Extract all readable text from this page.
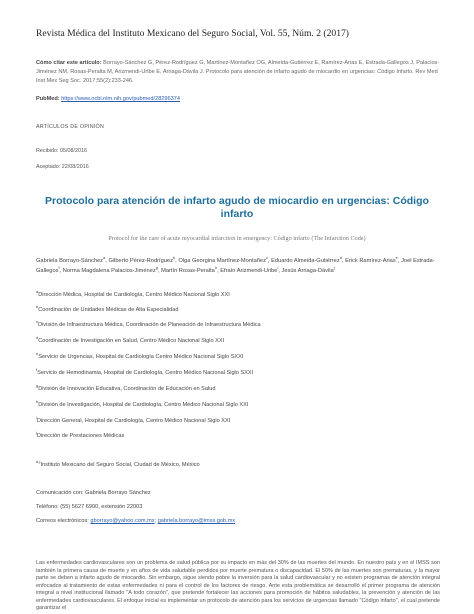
Revista Médica del Instituto Mexicano del Seguro Social, Vol. 55, Núm. 2 (2017)
Cómo citar este artículo: Borrayo-Sánchez G, Pérez-Rodríguez G, Martínez-Montañez OG, Almeida-Gutiérrez E, Ramírez-Arias E, Estrada-Gallegos J, Palacios-Jiménez NM, Rosas-Peralta M, Arizmendi-Uribe E, Arriaga-Dávila J. Protocolo para atención de infarto agudo de miocardio en urgencias: Código Infarto. Rev Med Inst Mex Seg Soc. 2017;55(2):233-246.
PubMed: https://www.ncbi.nlm.nih.gov/pubmed/28296374
ARTÍCULOS DE OPINIÓN
Recibido: 05/08/2016
Aceptado: 22/08/2016
Protocolo para atención de infarto agudo de miocardio en urgencias: Código infarto
Protocol for the care of acute myocardial infarction in emergency: Código infarto (The Infarction Code)
Gabriela Borrayo-Sánchez$^a$, Gilberto Pérez-Rodríguez$^b$, Olga Georgina Martínez-Montañez$^c$, Eduardo Almeida-Gutiérrez$^d$, Erick Ramírez-Arias$^e$, Joel Estrada-Gallegos$^f$, Norma Magdalena Palacios-Jiménez$^g$, Martín Rosas-Peralta$^h$, Efraín Arizmendi-Uribe$^i$, Jesús Arriaga-Dávila$^j$
$^a$Dirección Médica, Hospital de Cardiología, Centro Médico Nacional Siglo XXI
$^b$Coordinación de Unidades Médicas de Alta Especialidad
$^c$División de Infraestructura Médica, Coordinación de Planeación de Infraestructura Médica
$^d$Coordinación de Investigación en Salud, Centro Médico Nacional Siglo XXI
$^e$Servicio de Urgencias, Hospital de Cardiología Centro Médico Nacional Siglo SXXI
$^f$Servicio de Hemodinamia, Hospital de Cardiología, Centro Médico Nacional Siglo SXXI
$^g$División de Innovación Educativa, Coordinación de Educación en Salud
$^h$División de Investigación, Hospital de Cardiología, Centro Médico Nacional Siglo XXI
$^i$Dirección General, Hospital de Cardiología, Centro Médico Nacional Siglo XXI
$^j$Dirección de Prestaciones Médicas
$^{a-j}$Instituto Mexicano del Seguro Social, Ciudad de México, México
Comunicación con: Gabriela Borrayo Sánchez
Teléfono: (55) 5627 6900, extensión 22003
Correos electrónicos: gborrayo@yahoo.com.mx; gabriela.borrayo@imss.gob.mx
Las enfermedades cardiovasculares son un problema de salud pública por su impacto en más del 30% de las muertes del mundo. En nuestro país y en el IMSS son también la primera causa de muerte y en años de vida saludable perdidos por muerte prematura o discapacidad. El 50% de las muertes son prematuras, y la mayor parte se deben a infarto agudo de miocardio. Sin embargo, sigue siendo pobre la inversión para la salud cardiovascular y no existen programas de atención integral enfocados al tratamiento de estas enfermedades ni para el control de los factores de riesgo. Ante esta problemática se desarrolló el primer programa de atención integral a nivel institucional llamado "A todo corazón", que pretende fortalecer las acciones para promoción de hábitos saludables, la prevención y atención de las enfermedades cardiovasculares. El enfoque inicial es implementar un protocolo de atención para los servicios de urgencias llamado "Código infarto", el cual pretende garantizar el
